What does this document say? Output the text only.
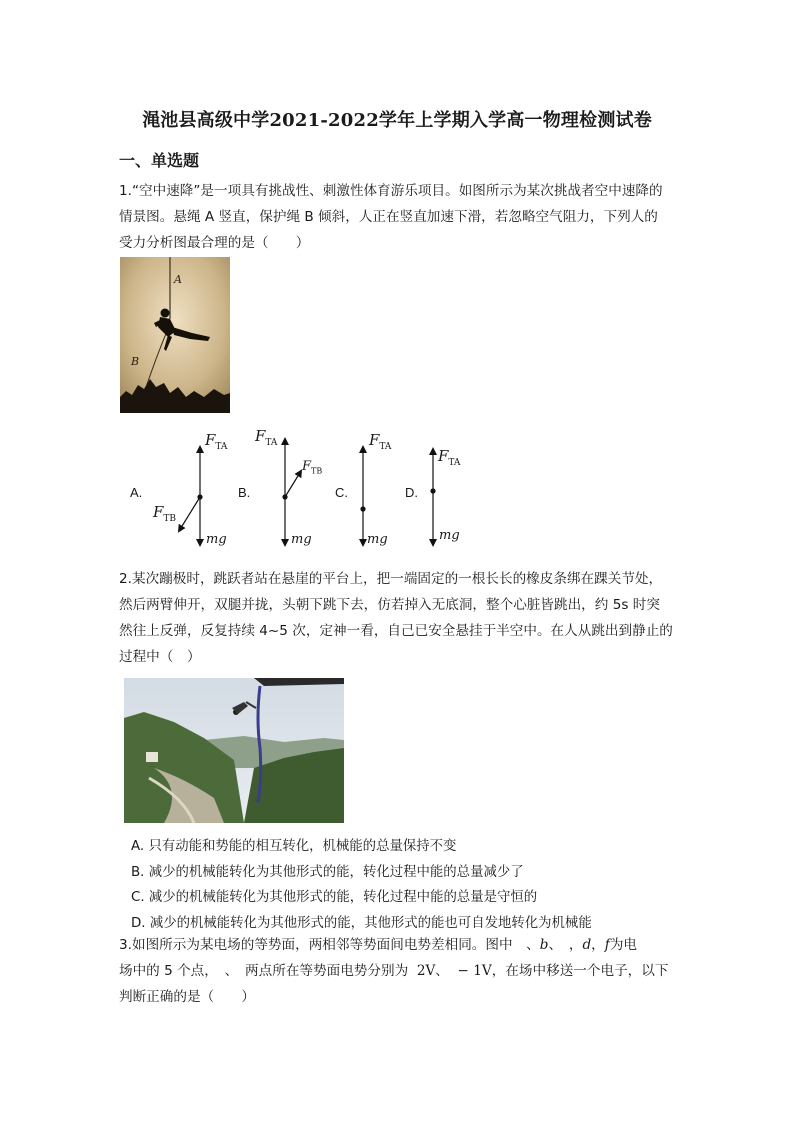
渑池县高级中学2021-2022学年上学期入学高一物理检测试卷
一、单选题
1.“空中速降”是一项具有挑战性、刺激性体育游乐项目。如图所示为某次挑战者空中速降的
情景图。悬绳 A 竖直，保护绳 B 倾斜，人正在竖直加速下滑，若忽略空气阻力，下列人的
受力分析图最合理的是（　　）
A
B
A.	B.	C.	D.
$F_{TA}$
$F_{TB}$
mg
$F_{TA}$
$F_{TB}$
mg
$F_{TA}$
mg
$F_{TA}$
mg
2.某次蹦极时，跳跃者站在悬崖的平台上，把一端固定的一根长长的橡皮条绑在踝关节处，
然后两臂伸开，双腿并拢，头朝下跳下去，仿若掉入无底洞，整个心脏皆跳出，约 5s 时突
然往上反弹，反复持续 4~5 次，定神一看，自己已安全悬挂于半空中。在人从跳出到静止的
过程中（　）
A. 只有动能和势能的相互转化，机械能的总量保持不变
B. 减少的机械能转化为其他形式的能，转化过程中能的总量减少了
C. 减少的机械能转化为其他形式的能，转化过程中能的总量是守恒的
D. 减少的机械能转化为其他形式的能，其他形式的能也可自发地转化为机械能
3.如图所示为某电场的等势面，两相邻等势面间电势差相同。图中　、b、　，d，f为电
场中的 5 个点，　、　两点所在等势面电势分别为 2V、 − 1V，在场中移送一个电子，以下
判断正确的是（　　）
